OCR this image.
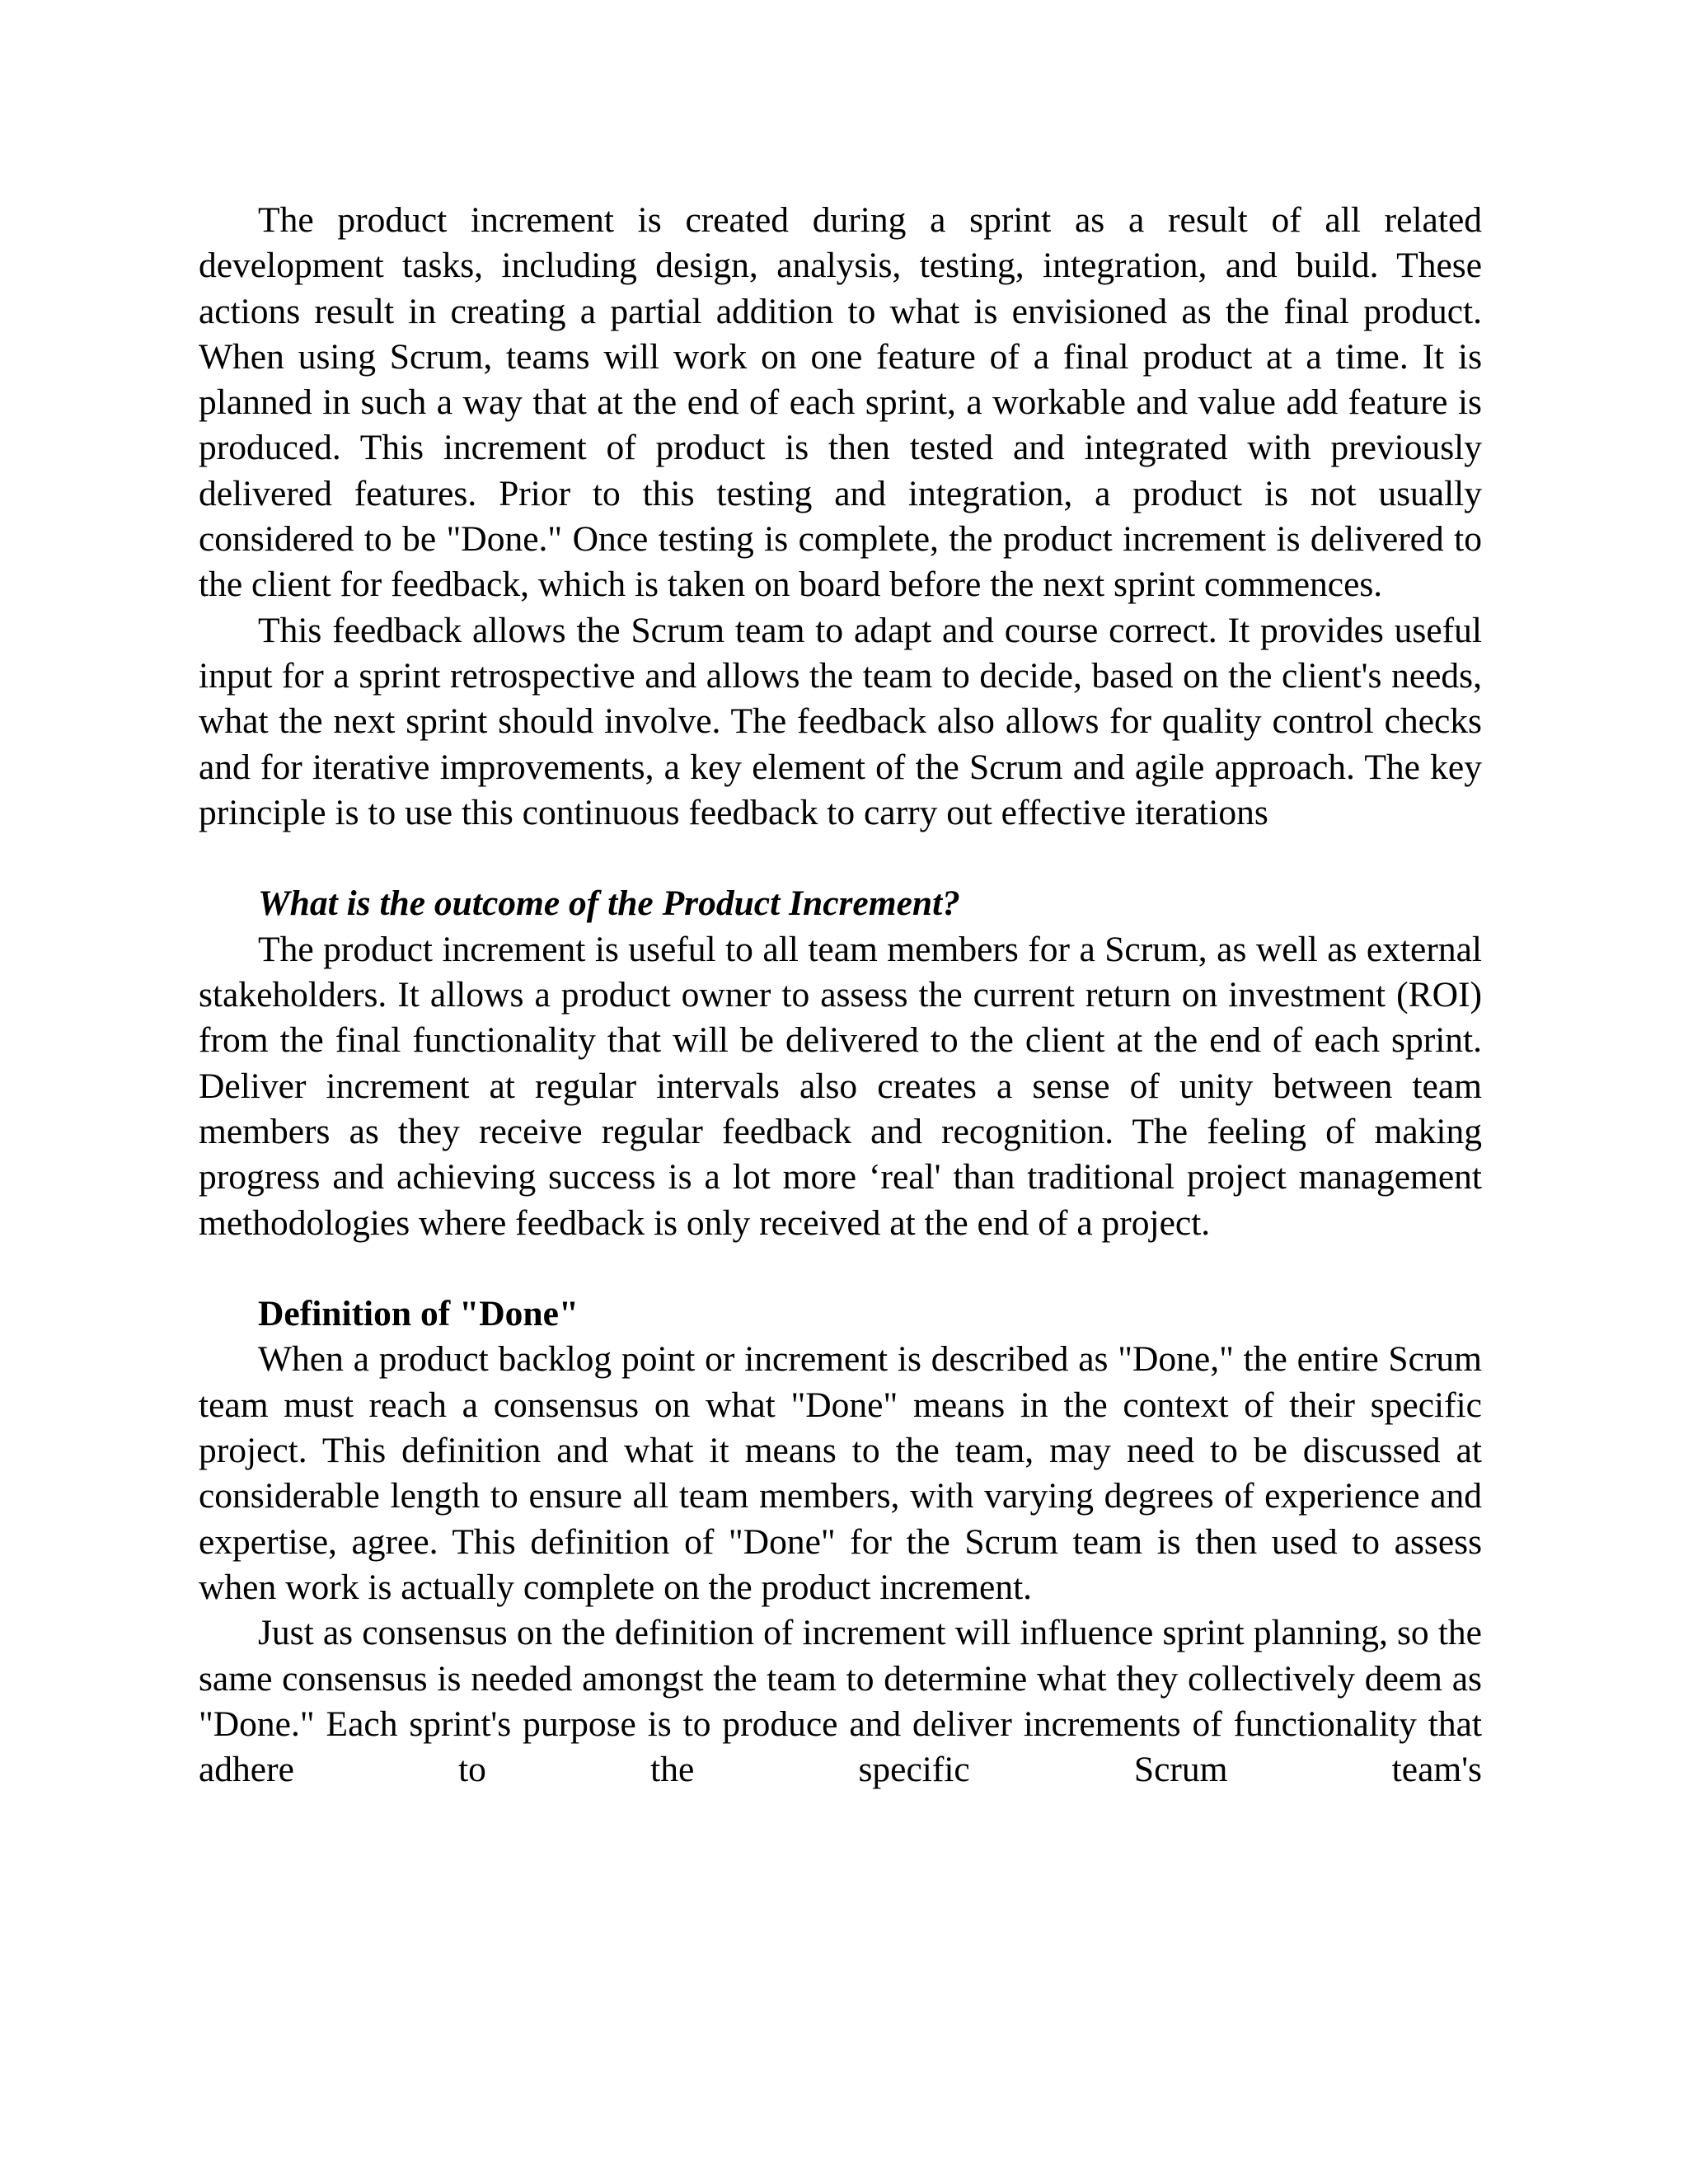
The product increment is created during a sprint as a result of all related development tasks, including design, analysis, testing, integration, and build. These actions result in creating a partial addition to what is envisioned as the final product. When using Scrum, teams will work on one feature of a final product at a time. It is planned in such a way that at the end of each sprint, a workable and value add feature is produced. This increment of product is then tested and integrated with previously delivered features. Prior to this testing and integration, a product is not usually considered to be "Done." Once testing is complete, the product increment is delivered to the client for feedback, which is taken on board before the next sprint commences.

This feedback allows the Scrum team to adapt and course correct. It provides useful input for a sprint retrospective and allows the team to decide, based on the client's needs, what the next sprint should involve. The feedback also allows for quality control checks and for iterative improvements, a key element of the Scrum and agile approach. The key principle is to use this continuous feedback to carry out effective iterations

What is the outcome of the Product Increment?

The product increment is useful to all team members for a Scrum, as well as external stakeholders. It allows a product owner to assess the current return on investment (ROI) from the final functionality that will be delivered to the client at the end of each sprint. Deliver increment at regular intervals also creates a sense of unity between team members as they receive regular feedback and recognition. The feeling of making progress and achieving success is a lot more ‘real' than traditional project management methodologies where feedback is only received at the end of a project.

Definition of "Done"

When a product backlog point or increment is described as "Done," the entire Scrum team must reach a consensus on what "Done" means in the context of their specific project. This definition and what it means to the team, may need to be discussed at considerable length to ensure all team members, with varying degrees of experience and expertise, agree. This definition of "Done" for the Scrum team is then used to assess when work is actually complete on the product increment.

Just as consensus on the definition of increment will influence sprint planning, so the same consensus is needed amongst the team to determine what they collectively deem as "Done." Each sprint's purpose is to produce and deliver increments of functionality that adhere to the specific Scrum team's
